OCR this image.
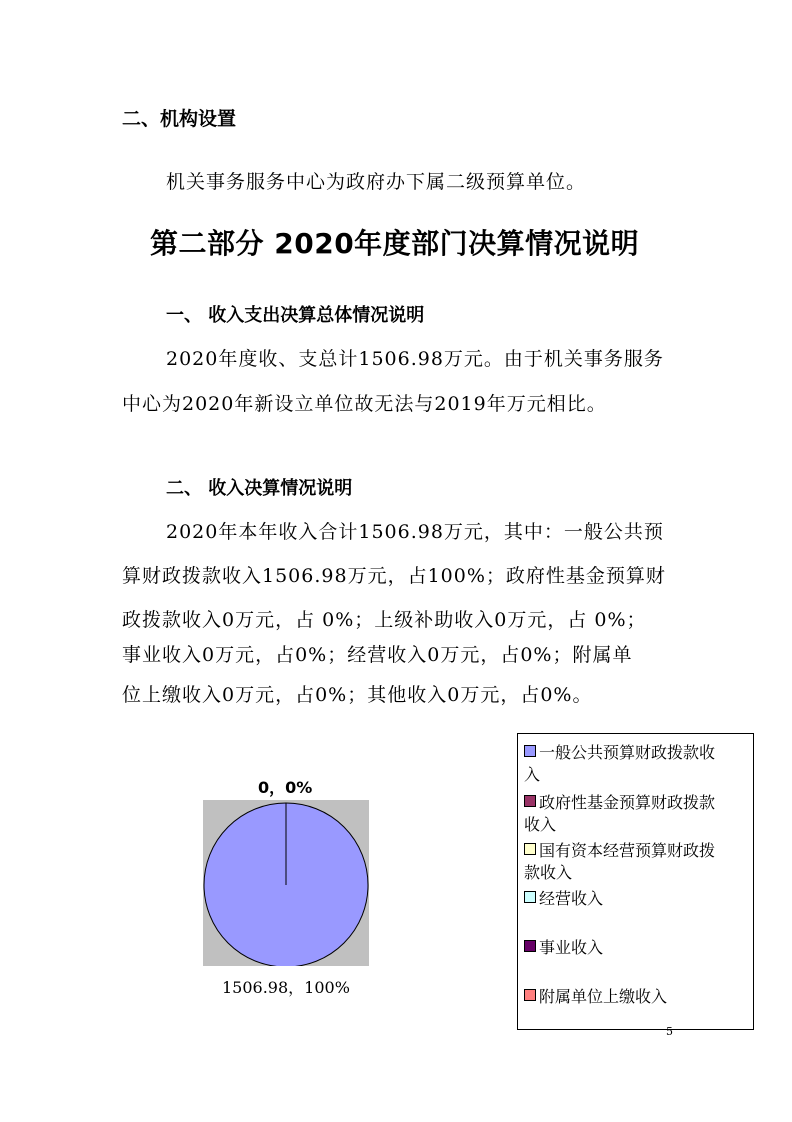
二、机构设置
机关事务服务中心为政府办下属二级预算单位。
第二部分 2020年度部门决算情况说明
一、 收入支出决算总体情况说明
2020年度收、支总计1506.98万元。由于机关事务服务
中心为2020年新设立单位故无法与2019年万元相比。
二、 收入决算情况说明
2020年本年收入合计1506.98万元，其中：一般公共预
算财政拨款收入1506.98万元，占100%；政府性基金预算财
政拨款收入0万元，占 0%；上级补助收入0万元，占 0%；
事业收入0万元，占0%；经营收入0万元，占0%；附属单
位上缴收入0万元，占0%；其他收入0万元，占0%。
0，0%
1506.98，100%
一般公共预算财政拨款收
入
政府性基金预算财政拨款
收入
国有资本经营预算财政拨
款收入
经营收入
事业收入
附属单位上缴收入
5
